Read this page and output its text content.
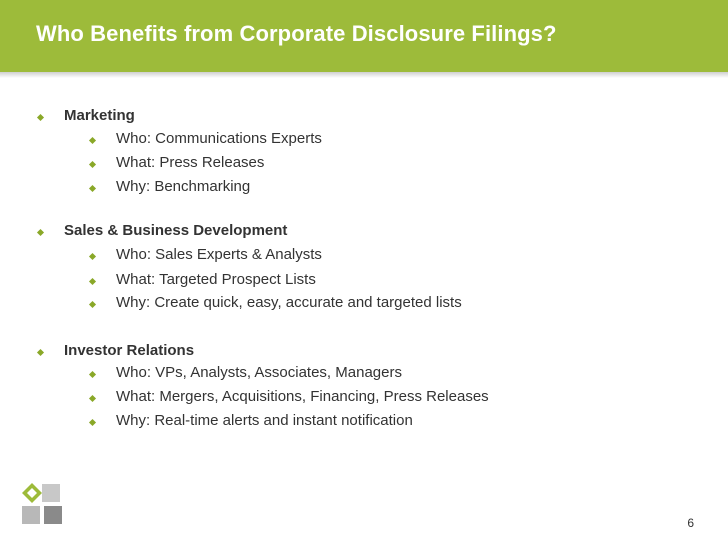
Who Benefits from Corporate Disclosure Filings?
Marketing
Who: Communications Experts
What: Press Releases
Why: Benchmarking
Sales & Business Development
Who: Sales Experts & Analysts
What: Targeted Prospect Lists
Why: Create quick, easy, accurate and targeted lists
Investor Relations
Who: VPs, Analysts, Associates, Managers
What: Mergers, Acquisitions, Financing, Press Releases
Why: Real-time alerts and instant notification
6
